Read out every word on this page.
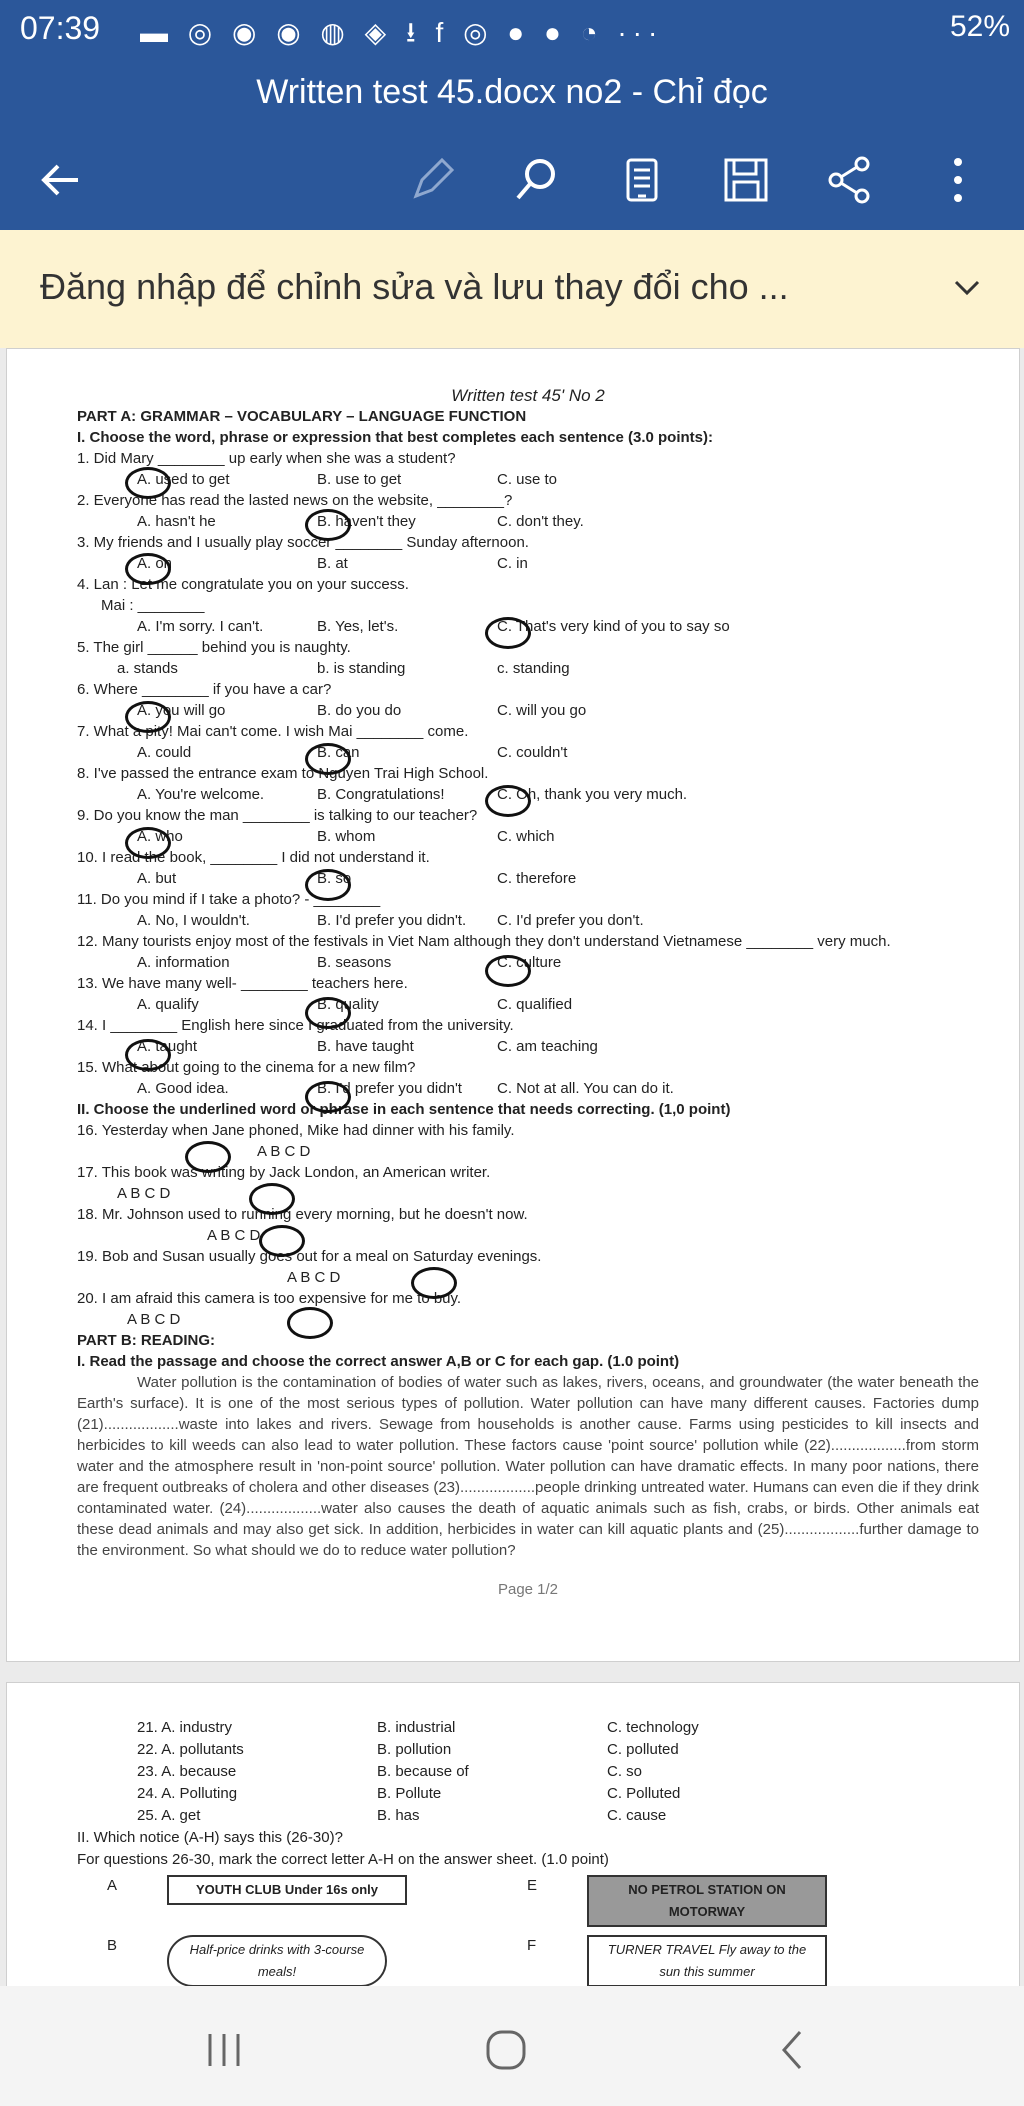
07:39 ▬ ◎ ◉ ◉ ◍ ◈ ⭳ f ◎ ● ● ◔ ···	52%
Written test 45.docx no2 - Chỉ đọc
Đăng nhập để chỉnh sửa và lưu thay đổi cho ...
Written test 45' No 2
PART A: GRAMMAR – VOCABULARY – LANGUAGE FUNCTION
I. Choose the word, phrase or expression that best completes each sentence (3.0 points):
1. Did Mary ________ up early when she was a student?
A. used to get	B. use to get	C. use to
2. Everyone has read the lasted news on the website, ________?
A. hasn't he	B. haven't they	C. don't they.
3. My friends and I usually play soccer ________ Sunday afternoon.
A. on	B. at	C. in
4. Lan : Let me congratulate you on your success.
Mai : ________
A. I'm sorry. I can't.	B. Yes, let's.	C. That's very kind of you to say so
5. The girl ______ behind you is naughty.
a. stands	b. is standing	c. standing
6. Where ________ if you have a car?
A. you will go	B. do you do	C. will you go
7. What a pity! Mai can't come. I wish Mai ________ come.
A. could	B. can	C. couldn't
8. I've passed the entrance exam to Nguyen Trai High School.
A. You're welcome.	B. Congratulations!	C. Oh, thank you very much.
9. Do you know the man ________ is talking to our teacher?
A. who	B. whom	C. which
10. I read the book, ________ I did not understand it.
A. but	B. so	C. therefore
11. Do you mind if I take a photo? - ________
A. No, I wouldn't.	B. I'd prefer you didn't.	C. I'd prefer you don't.
12. Many tourists enjoy most of the festivals in Viet Nam although they don't understand Vietnamese ________ very much.
A. information	B. seasons	C. culture
13. We have many well- ________ teachers here.
A. qualify	B. quality	C. qualified
14. I ________ English here since I graduated from the university.
A. taught	B. have taught	C. am teaching
15. What about going to the cinema for a new film?
A. Good idea.	B. I'd prefer you didn't	C. Not at all. You can do it.
II. Choose the underlined word or phrase in each sentence that needs correcting. (1,0 point)
16. Yesterday when Jane phoned, Mike had dinner with his family.
A B C D
17. This book was writing by Jack London, an American writer.
A B C D
18. Mr. Johnson used to running every morning, but he doesn't now.
A B C D
19. Bob and Susan usually goes out for a meal on Saturday evenings.
A B C D
20. I am afraid this camera is too expensive for me to buy.
A B C D
PART B: READING:
I. Read the passage and choose the correct answer A,B or C for each gap. (1.0 point)
Water pollution is the contamination of bodies of water such as lakes, rivers, oceans, and groundwater (the water beneath the Earth's surface). It is one of the most serious types of pollution. Water pollution can have many different causes. Factories dump (21)..................waste into lakes and rivers. Sewage from households is another cause. Farms using pesticides to kill insects and herbicides to kill weeds can also lead to water pollution. These factors cause 'point source' pollution while (22)..................from storm water and the atmosphere result in 'non-point source' pollution. Water pollution can have dramatic effects. In many poor nations, there are frequent outbreaks of cholera and other diseases (23)..................people drinking untreated water. Humans can even die if they drink contaminated water. (24)..................water also causes the death of aquatic animals such as fish, crabs, or birds. Other animals eat these dead animals and may also get sick. In addition, herbicides in water can kill aquatic plants and (25)..................further damage to the environment. So what should we do to reduce water pollution?
Page 1/2
21. A. industry	B. industrial	C. technology
22. A. pollutants	B. pollution	C. polluted
23. A. because	B. because of	C. so
24. A. Polluting	B. Pollute	C. Polluted
25. A. get	B. has	C. cause
II. Which notice (A-H) says this (26-30)?
For questions 26-30, mark the correct letter A-H on the answer sheet. (1.0 point)
A	YOUTH CLUB Under 16s only	E	NO PETROL STATION ON MOTORWAY
B	Half-price drinks with 3-course meals!
F	TURNER TRAVEL Fly away to the sun this summer
